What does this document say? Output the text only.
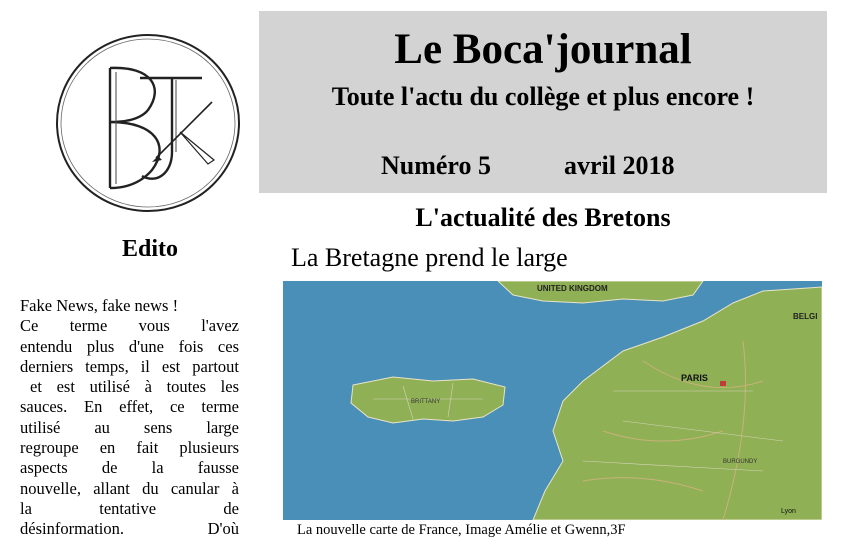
Edito
Fake News, fake news !
Ce terme vous l'avez
entendu plus d'une fois ces
derniers temps, il est partout
et est utilisé à toutes les
sauces. En effet, ce terme
utilisé au sens large
regroupe en fait plusieurs
aspects de la fausse
nouvelle, allant du canular à
la tentative de
désinformation. D'où
Le Boca'journal
Toute l'actu du collège et plus encore !
Numéro 5	avril 2018
L'actualité des Bretons
La Bretagne prend le large
UNITED KINGDOM
BELGI
PARIS
BRITTANY
BURGUNDY
Lyon
La nouvelle carte de France, Image Amélie et Gwenn,3F
